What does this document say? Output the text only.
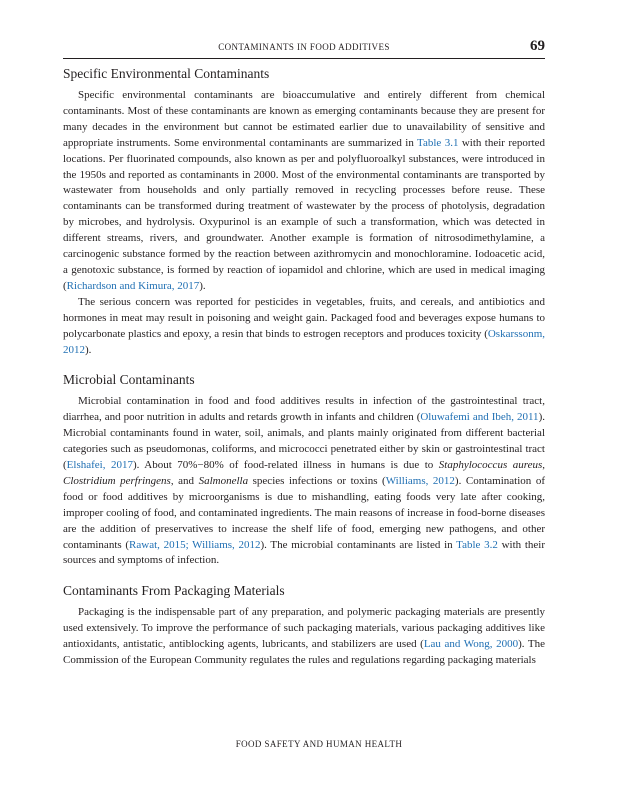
CONTAMINANTS IN FOOD ADDITIVES	69
Specific Environmental Contaminants

Specific environmental contaminants are bioaccumulative and entirely different from chemical contaminants. Most of these contaminants are known as emerging contaminants because they are present for many decades in the environment but cannot be estimated earlier due to unavailability of sensitive and appropriate instruments. Some environmental contaminants are summarized in Table 3.1 with their reported locations. Per fluorinated compounds, also known as per and polyfluoroalkyl substances, were introduced in the 1950s and reported as contaminants in 2000. Most of the environmental contaminants are transported by wastewater from households and only partially removed in recycling processes before reuse. These contaminants can be transformed during treatment of wastewater by the process of photolysis, degradation by microbes, and hydrolysis. Oxypurinol is an example of such a transformation, which was detected in different streams, rivers, and groundwater. Another example is formation of nitrosodimethylamine, a carcinogenic substance formed by the reaction between azithromycin and monochloramine. Iodoacetic acid, a genotoxic substance, is formed by reaction of iopamidol and chlorine, which are used in medical imaging (Richardson and Kimura, 2017).

The serious concern was reported for pesticides in vegetables, fruits, and cereals, and antibiotics and hormones in meat may result in poisoning and weight gain. Packaged food and beverages expose humans to polycarbonate plastics and epoxy, a resin that binds to estrogen receptors and produces toxicity (Oskarssonm, 2012).

Microbial Contaminants

Microbial contamination in food and food additives results in infection of the gastrointestinal tract, diarrhea, and poor nutrition in adults and retards growth in infants and children (Oluwafemi and Ibeh, 2011). Microbial contaminants found in water, soil, animals, and plants mainly originated from different bacterial categories such as pseudomonas, coliforms, and micrococci penetrated either by skin or gastrointestinal tract (Elshafei, 2017). About 70%−80% of food-related illness in humans is due to Staphylococcus aureus, Clostridium perfringens, and Salmonella species infections or toxins (Williams, 2012). Contamination of food or food additives by microorganisms is due to mishandling, eating foods very late after cooking, improper cooling of food, and contaminated ingredients. The main reasons of increase in food-borne diseases are the addition of preservatives to increase the shelf life of food, emerging new pathogens, and other contaminants (Rawat, 2015; Williams, 2012). The microbial contaminants are listed in Table 3.2 with their sources and symptoms of infection.

Contaminants From Packaging Materials

Packaging is the indispensable part of any preparation, and polymeric packaging materials are presently used extensively. To improve the performance of such packaging materials, various packaging additives like antioxidants, antistatic, antiblocking agents, lubricants, and stabilizers are used (Lau and Wong, 2000). The Commission of the European Community regulates the rules and regulations regarding packaging materials

FOOD SAFETY AND HUMAN HEALTH
